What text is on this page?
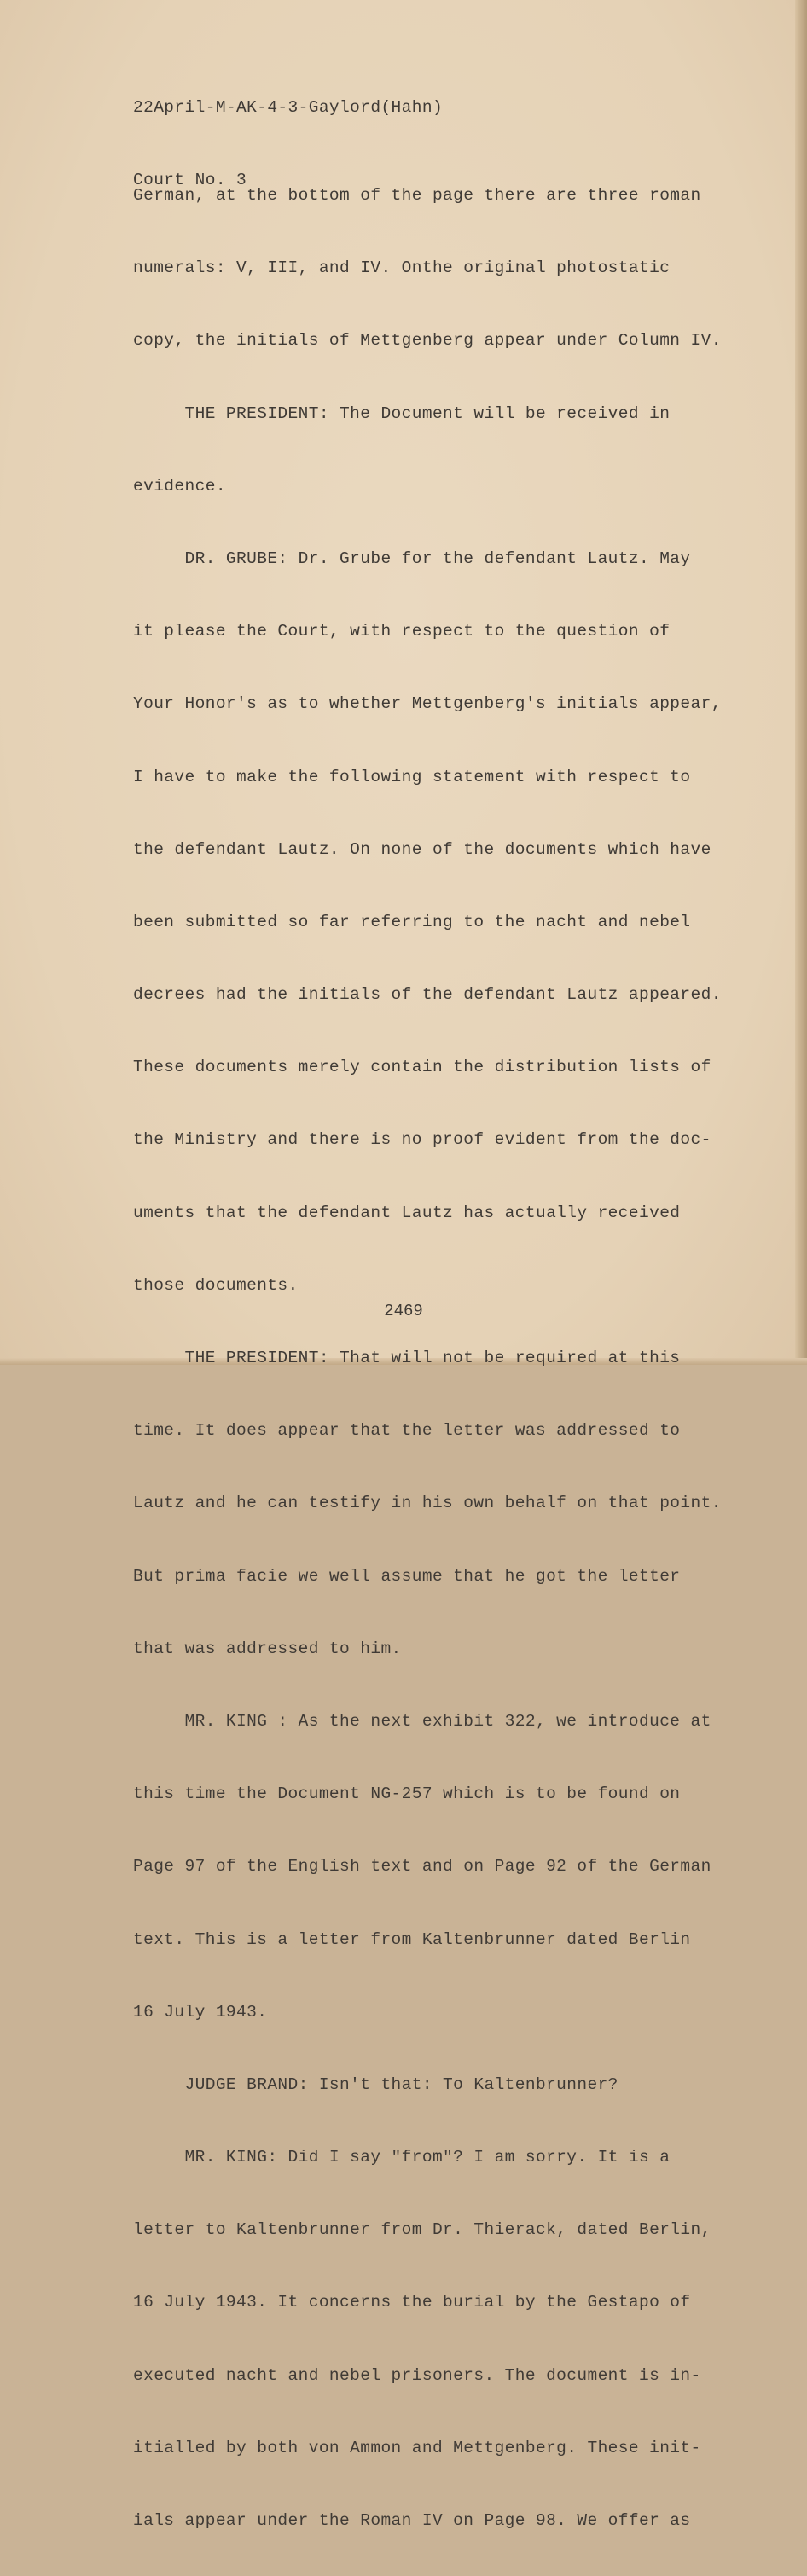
22April-M-AK-4-3-Gaylord(Hahn)

Court No. 3

German, at the bottom of the page there are three roman

numerals: V, III, and IV. Onthe original photostatic

copy, the initials of Mettgenberg appear under Column IV.

THE PRESIDENT: The Document will be received in

evidence.

DR. GRUBE: Dr. Grube for the defendant Lautz. May

it please the Court, with respect to the question of

Your Honor's as to whether Mettgenberg's initials appear,

I have to make the following statement with respect to

the defendant Lautz. On none of the documents which have

been submitted so far referring to the nacht and nebel

decrees had the initials of the defendant Lautz appeared.

These documents merely contain the distribution lists of

the Ministry and there is no proof evident from the doc-

uments that the defendant Lautz has actually received

those documents.

THE PRESIDENT: That will not be required at this

time. It does appear that the letter was addressed to

Lautz and he can testify in his own behalf on that point.

But prima facie we well assume that he got the letter

that was addressed to him.

MR. KING : As the next exhibit 322, we introduce at

this time the Document NG-257 which is to be found on

Page 97 of the English text and on Page 92 of the German

text. This is a letter from Kaltenbrunner dated Berlin

16 July 1943.

JUDGE BRAND: Isn't that: To Kaltenbrunner?

MR. KING: Did I say "from"? I am sorry. It is a

letter to Kaltenbrunner from Dr. Thierack, dated Berlin,

16 July 1943. It concerns the burial by the Gestapo of

executed nacht and nebel prisoners. The document is in-

itialled by both von Ammon and Mettgenberg. These init-

ials appear under the Roman IV on Page 98. We offer as

2469
